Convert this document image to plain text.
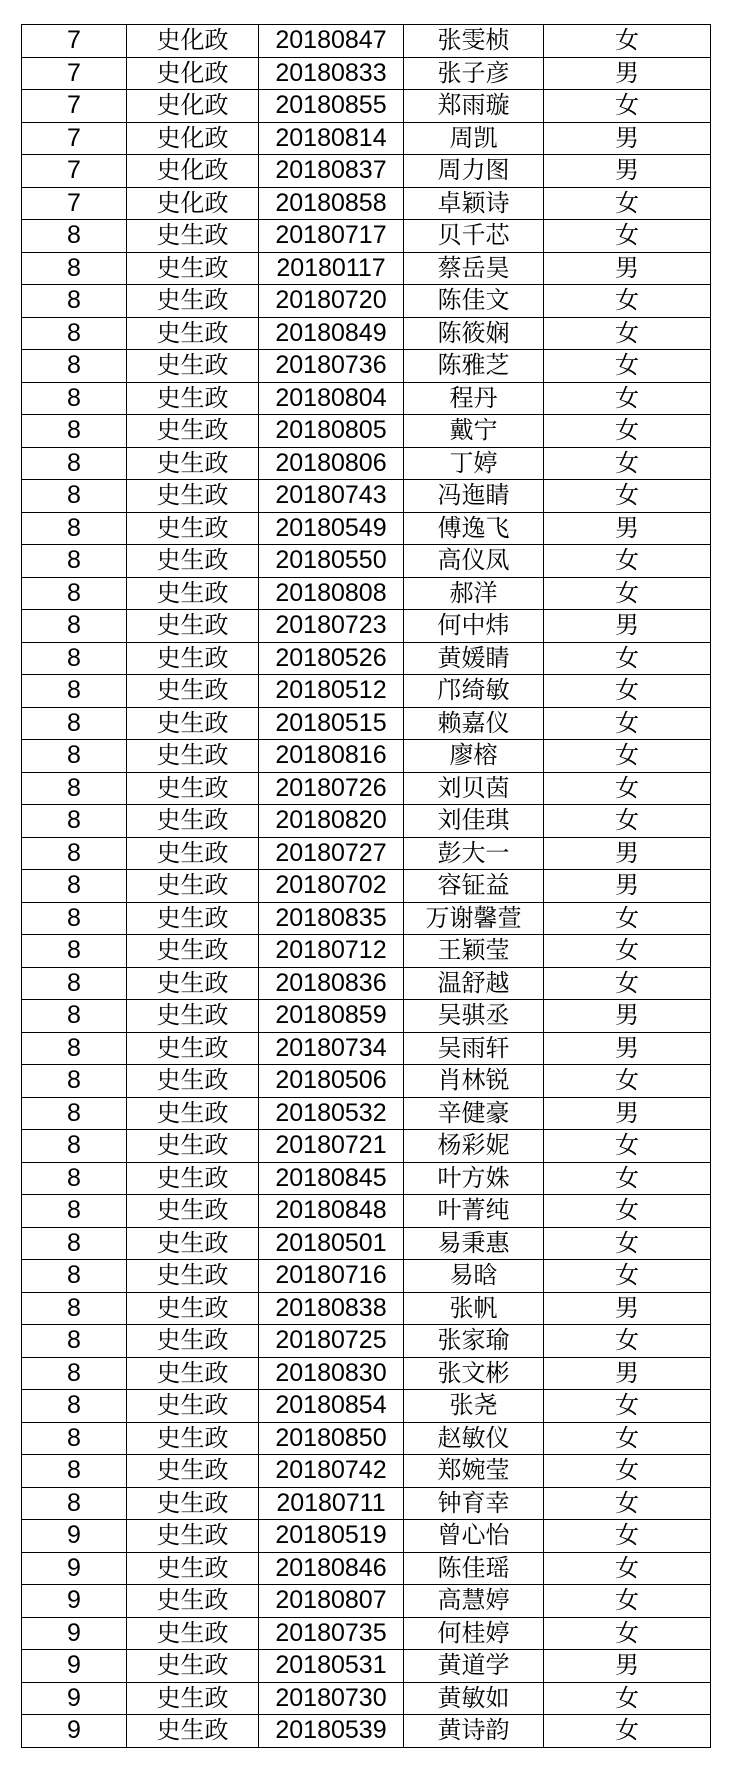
7	史化政	20180847	张雯桢	女
7	史化政	20180833	张子彦	男
7	史化政	20180855	郑雨璇	女
7	史化政	20180814	周凯	男
7	史化政	20180837	周力图	男
7	史化政	20180858	卓颖诗	女
8	史生政	20180717	贝千芯	女
8	史生政	20180117	蔡岳昊	男
8	史生政	20180720	陈佳文	女
8	史生政	20180849	陈筱娴	女
8	史生政	20180736	陈雅芝	女
8	史生政	20180804	程丹	女
8	史生政	20180805	戴宁	女
8	史生政	20180806	丁婷	女
8	史生政	20180743	冯迤睛	女
8	史生政	20180549	傅逸飞	男
8	史生政	20180550	高仪凤	女
8	史生政	20180808	郝洋	女
8	史生政	20180723	何中炜	男
8	史生政	20180526	黄媛睛	女
8	史生政	20180512	邝绮敏	女
8	史生政	20180515	赖嘉仪	女
8	史生政	20180816	廖榕	女
8	史生政	20180726	刘贝茵	女
8	史生政	20180820	刘佳琪	女
8	史生政	20180727	彭大一	男
8	史生政	20180702	容钲益	男
8	史生政	20180835	万谢馨萱	女
8	史生政	20180712	王颖莹	女
8	史生政	20180836	温舒越	女
8	史生政	20180859	吴骐丞	男
8	史生政	20180734	吴雨轩	男
8	史生政	20180506	肖林锐	女
8	史生政	20180532	辛健豪	男
8	史生政	20180721	杨彩妮	女
8	史生政	20180845	叶方姝	女
8	史生政	20180848	叶菁纯	女
8	史生政	20180501	易秉惠	女
8	史生政	20180716	易晗	女
8	史生政	20180838	张帆	男
8	史生政	20180725	张家瑜	女
8	史生政	20180830	张文彬	男
8	史生政	20180854	张尧	女
8	史生政	20180850	赵敏仪	女
8	史生政	20180742	郑婉莹	女
8	史生政	20180711	钟育幸	女
9	史生政	20180519	曾心怡	女
9	史生政	20180846	陈佳瑶	女
9	史生政	20180807	高慧婷	女
9	史生政	20180735	何桂婷	女
9	史生政	20180531	黄道学	男
9	史生政	20180730	黄敏如	女
9	史生政	20180539	黄诗韵	女
